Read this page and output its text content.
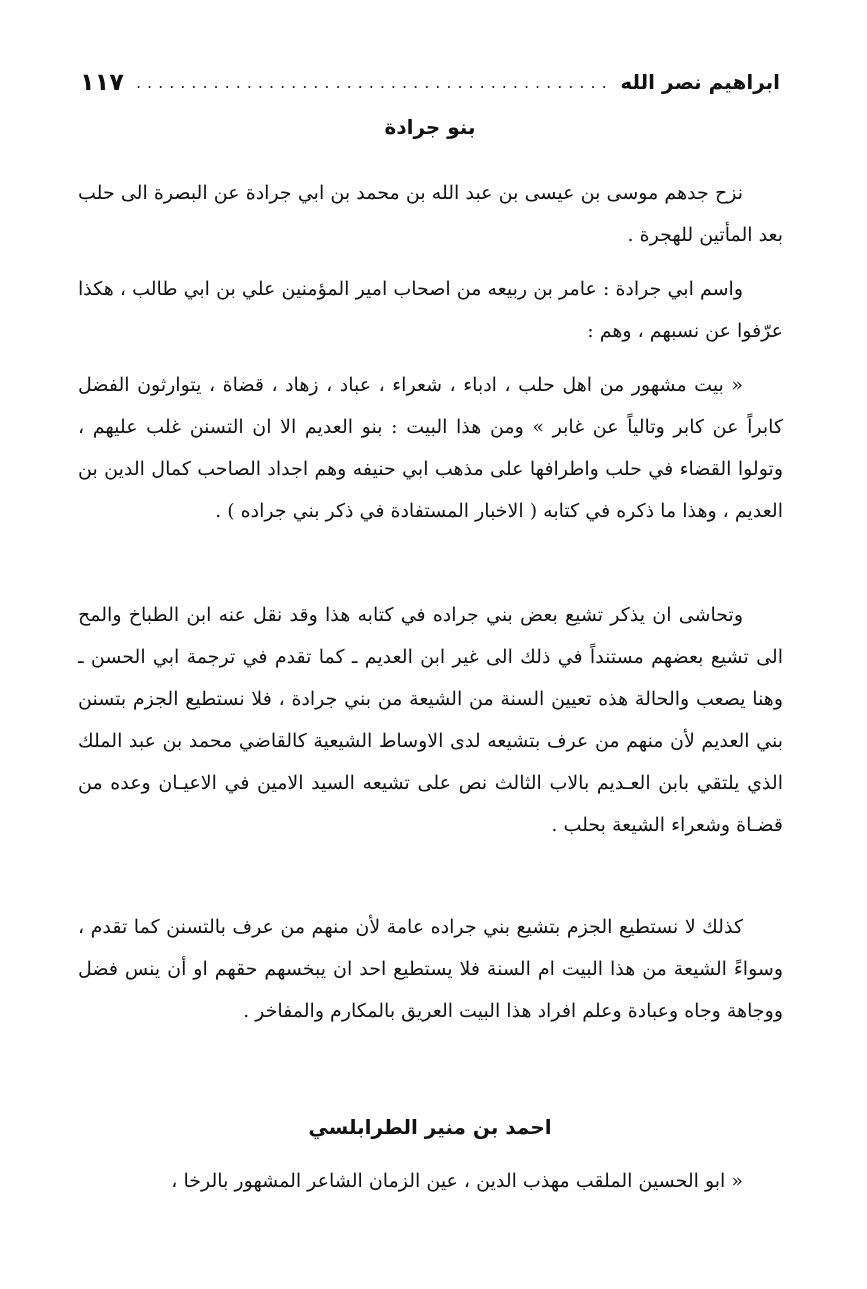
ابراهيم نصر الله
.....
١١٧
بنو جرادة

نزح جدهم موسى بن عيسى بن عبد الله بن محمد بن ابي جرادة عن البصرة الى حلب بعد المأتين للهجرة .

واسم ابي جرادة : عامر بن ربيعه من اصحاب امير المؤمنين علي بن ابي طالب ، هكذا عرّفوا عن نسبهم ، وهم :

« بيت مشهور من اهل حلب ، ادباء ، شعراء ، عباد ، زهاد ، قضاة ، يتوارثون الفضل كابراً عن كابر وتالياً عن غابر » ومن هذا البيت : بنو العديم الا ان التسنن غلب عليهم ، وتولوا القضاء في حلب واطرافها على مذهب ابي حنيفه وهم اجداد الصاحب كمال الدين بن العديم ، وهذا ما ذكره في كتابه ( الاخبار المستفادة في ذكر بني جراده ) .

وتحاشى ان يذكر تشيع بعض بني جراده في كتابه هذا وقد نقل عنه ابن الطباخ والمح الى تشيع بعضهم مستنداً في ذلك الى غير ابن العديم ـ كما تقدم في ترجمة ابي الحسن ـ وهنا يصعب والحالة هذه تعيين السنة من الشيعة من بني جرادة ، فلا نستطيع الجزم بتسنن بني العديم لأن منهم من عرف بتشيعه لدى الاوساط الشيعية كالقاضي محمد بن عبد الملك الذي يلتقي بابن العـديم بالاب الثالث نص على تشيعه السيد الامين في الاعيـان وعده من قضـاة وشعراء الشيعة بحلب .

كذلك لا نستطيع الجزم بتشيع بني جراده عامة لأن منهم من عرف بالتسنن كما تقدم ، وسواءً الشيعة من هذا البيت ام السنة فلا يستطيع احد ان يبخسهم حقهم او أن ينس فضل ووجاهة وجاه وعبادة وعلم افراد هذا البيت العريق بالمكارم والمفاخر .

احمد بن منير الطرابلسي

« ابو الحسين الملقب مهذب الدين ، عين الزمان الشاعر المشهور بالرخا ،
